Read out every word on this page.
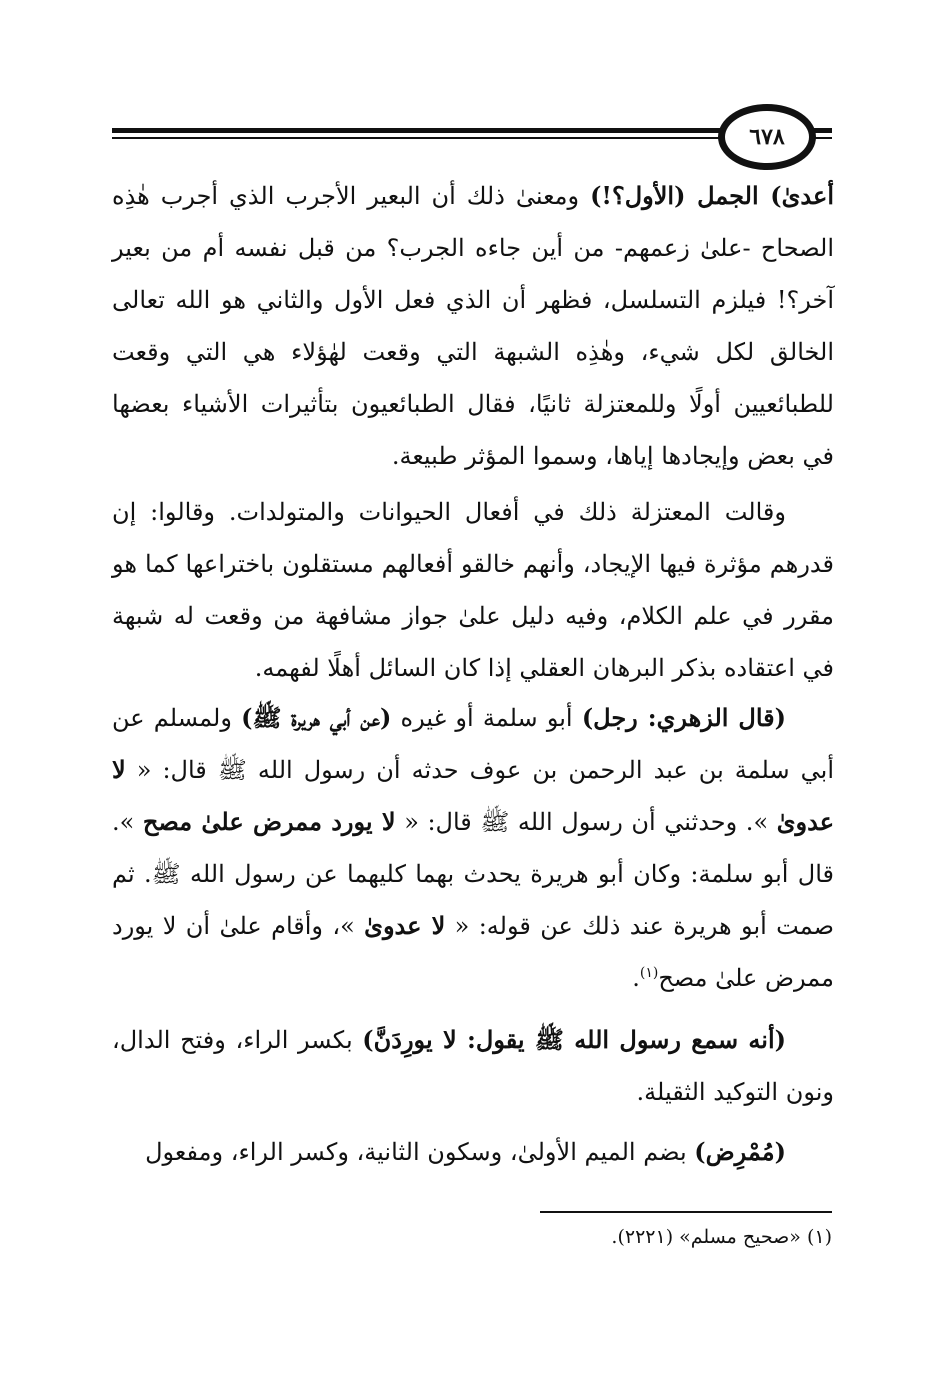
٦٧٨

أعدىٰ) الجمل (الأول؟!) ومعنىٰ ذلك أن البعير الأجرب الذي أجرب هٰذِه الصحاح -علىٰ زعمهم- من أين جاءه الجرب؟ من قبل نفسه أم من بعير آخر؟! فيلزم التسلسل، فظهر أن الذي فعل الأول والثاني هو الله تعالى الخالق لكل شيء، وهٰذِه الشبهة التي وقعت لهٰؤلاء هي التي وقعت للطبائعيين أولًا وللمعتزلة ثانيًا، فقال الطبائعيون بتأثيرات الأشياء بعضها في بعض وإيجادها إياها، وسموا المؤثر طبيعة.

وقالت المعتزلة ذلك في أفعال الحيوانات والمتولدات. وقالوا: إن قدرهم مؤثرة فيها الإيجاد، وأنهم خالقو أفعالهم مستقلون باختراعها كما هو مقرر في علم الكلام، وفيه دليل علىٰ جواز مشافهة من وقعت له شبهة في اعتقاده بذكر البرهان العقلي إذا كان السائل أهلًا لفهمه.

(قال الزهري: رجل) أبو سلمة أو غيره (عن أبي هريرة ﷺ) ولمسلم عن أبي سلمة بن عبد الرحمن بن عوف حدثه أن رسول الله ﷺ قال: « لا عدوىٰ ». وحدثني أن رسول الله ﷺ قال: « لا يورد ممرض علىٰ مصح ». قال أبو سلمة: وكان أبو هريرة يحدث بهما كليهما عن رسول الله ﷺ. ثم صمت أبو هريرة عند ذلك عن قوله: « لا عدوىٰ »، وأقام علىٰ أن لا يورد ممرض علىٰ مصح$^{(١)}$.

(أنه سمع رسول الله ﷺ يقول: لا يورِدَنَّ) بكسر الراء، وفتح الدال، ونون التوكيد الثقيلة.

(مُمْرِض) بضم الميم الأولىٰ، وسكون الثانية، وكسر الراء، ومفعول

(١) «صحيح مسلم» (٢٢٢١).
